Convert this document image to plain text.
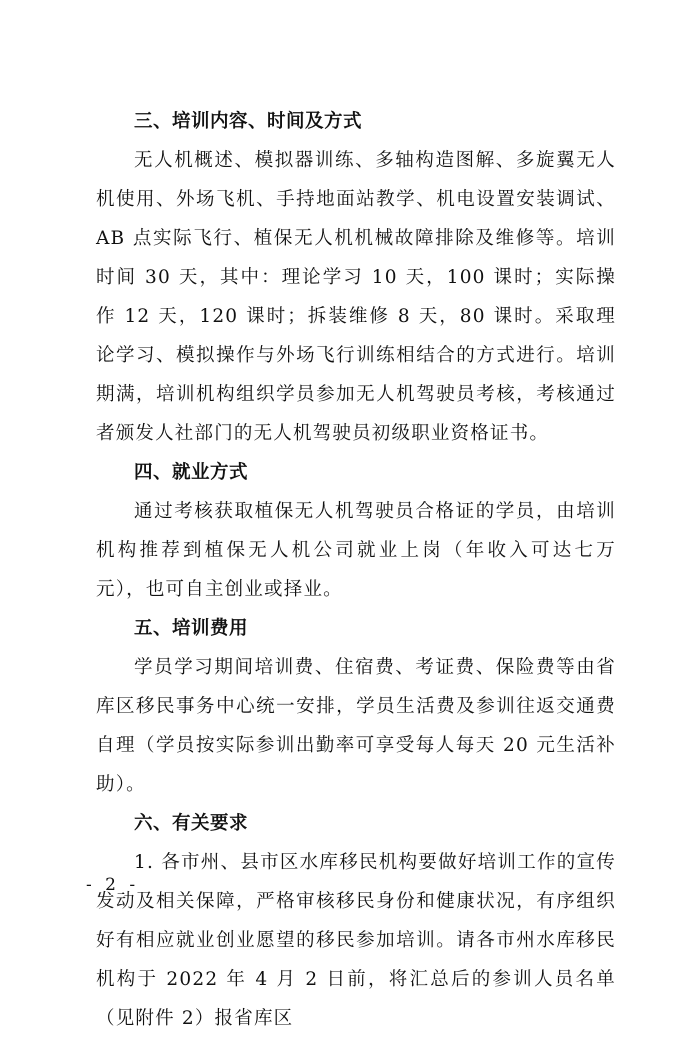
三、培训内容、时间及方式

无人机概述、模拟器训练、多轴构造图解、多旋翼无人机使用、外场飞机、手持地面站教学、机电设置安装调试、AB 点实际飞行、植保无人机机械故障排除及维修等。培训时间 30 天，其中：理论学习 10 天，100 课时；实际操作 12 天，120 课时；拆装维修 8 天，80 课时。采取理论学习、模拟操作与外场飞行训练相结合的方式进行。培训期满，培训机构组织学员参加无人机驾驶员考核，考核通过者颁发人社部门的无人机驾驶员初级职业资格证书。

四、就业方式

通过考核获取植保无人机驾驶员合格证的学员，由培训机构推荐到植保无人机公司就业上岗（年收入可达七万元），也可自主创业或择业。

五、培训费用

学员学习期间培训费、住宿费、考证费、保险费等由省库区移民事务中心统一安排，学员生活费及参训往返交通费自理（学员按实际参训出勤率可享受每人每天 20 元生活补助）。

六、有关要求

1. 各市州、县市区水库移民机构要做好培训工作的宣传发动及相关保障，严格审核移民身份和健康状况，有序组织好有相应就业创业愿望的移民参加培训。请各市州水库移民机构于 2022 年 4 月 2 日前，将汇总后的参训人员名单（见附件 2）报省库区

- 2 -
